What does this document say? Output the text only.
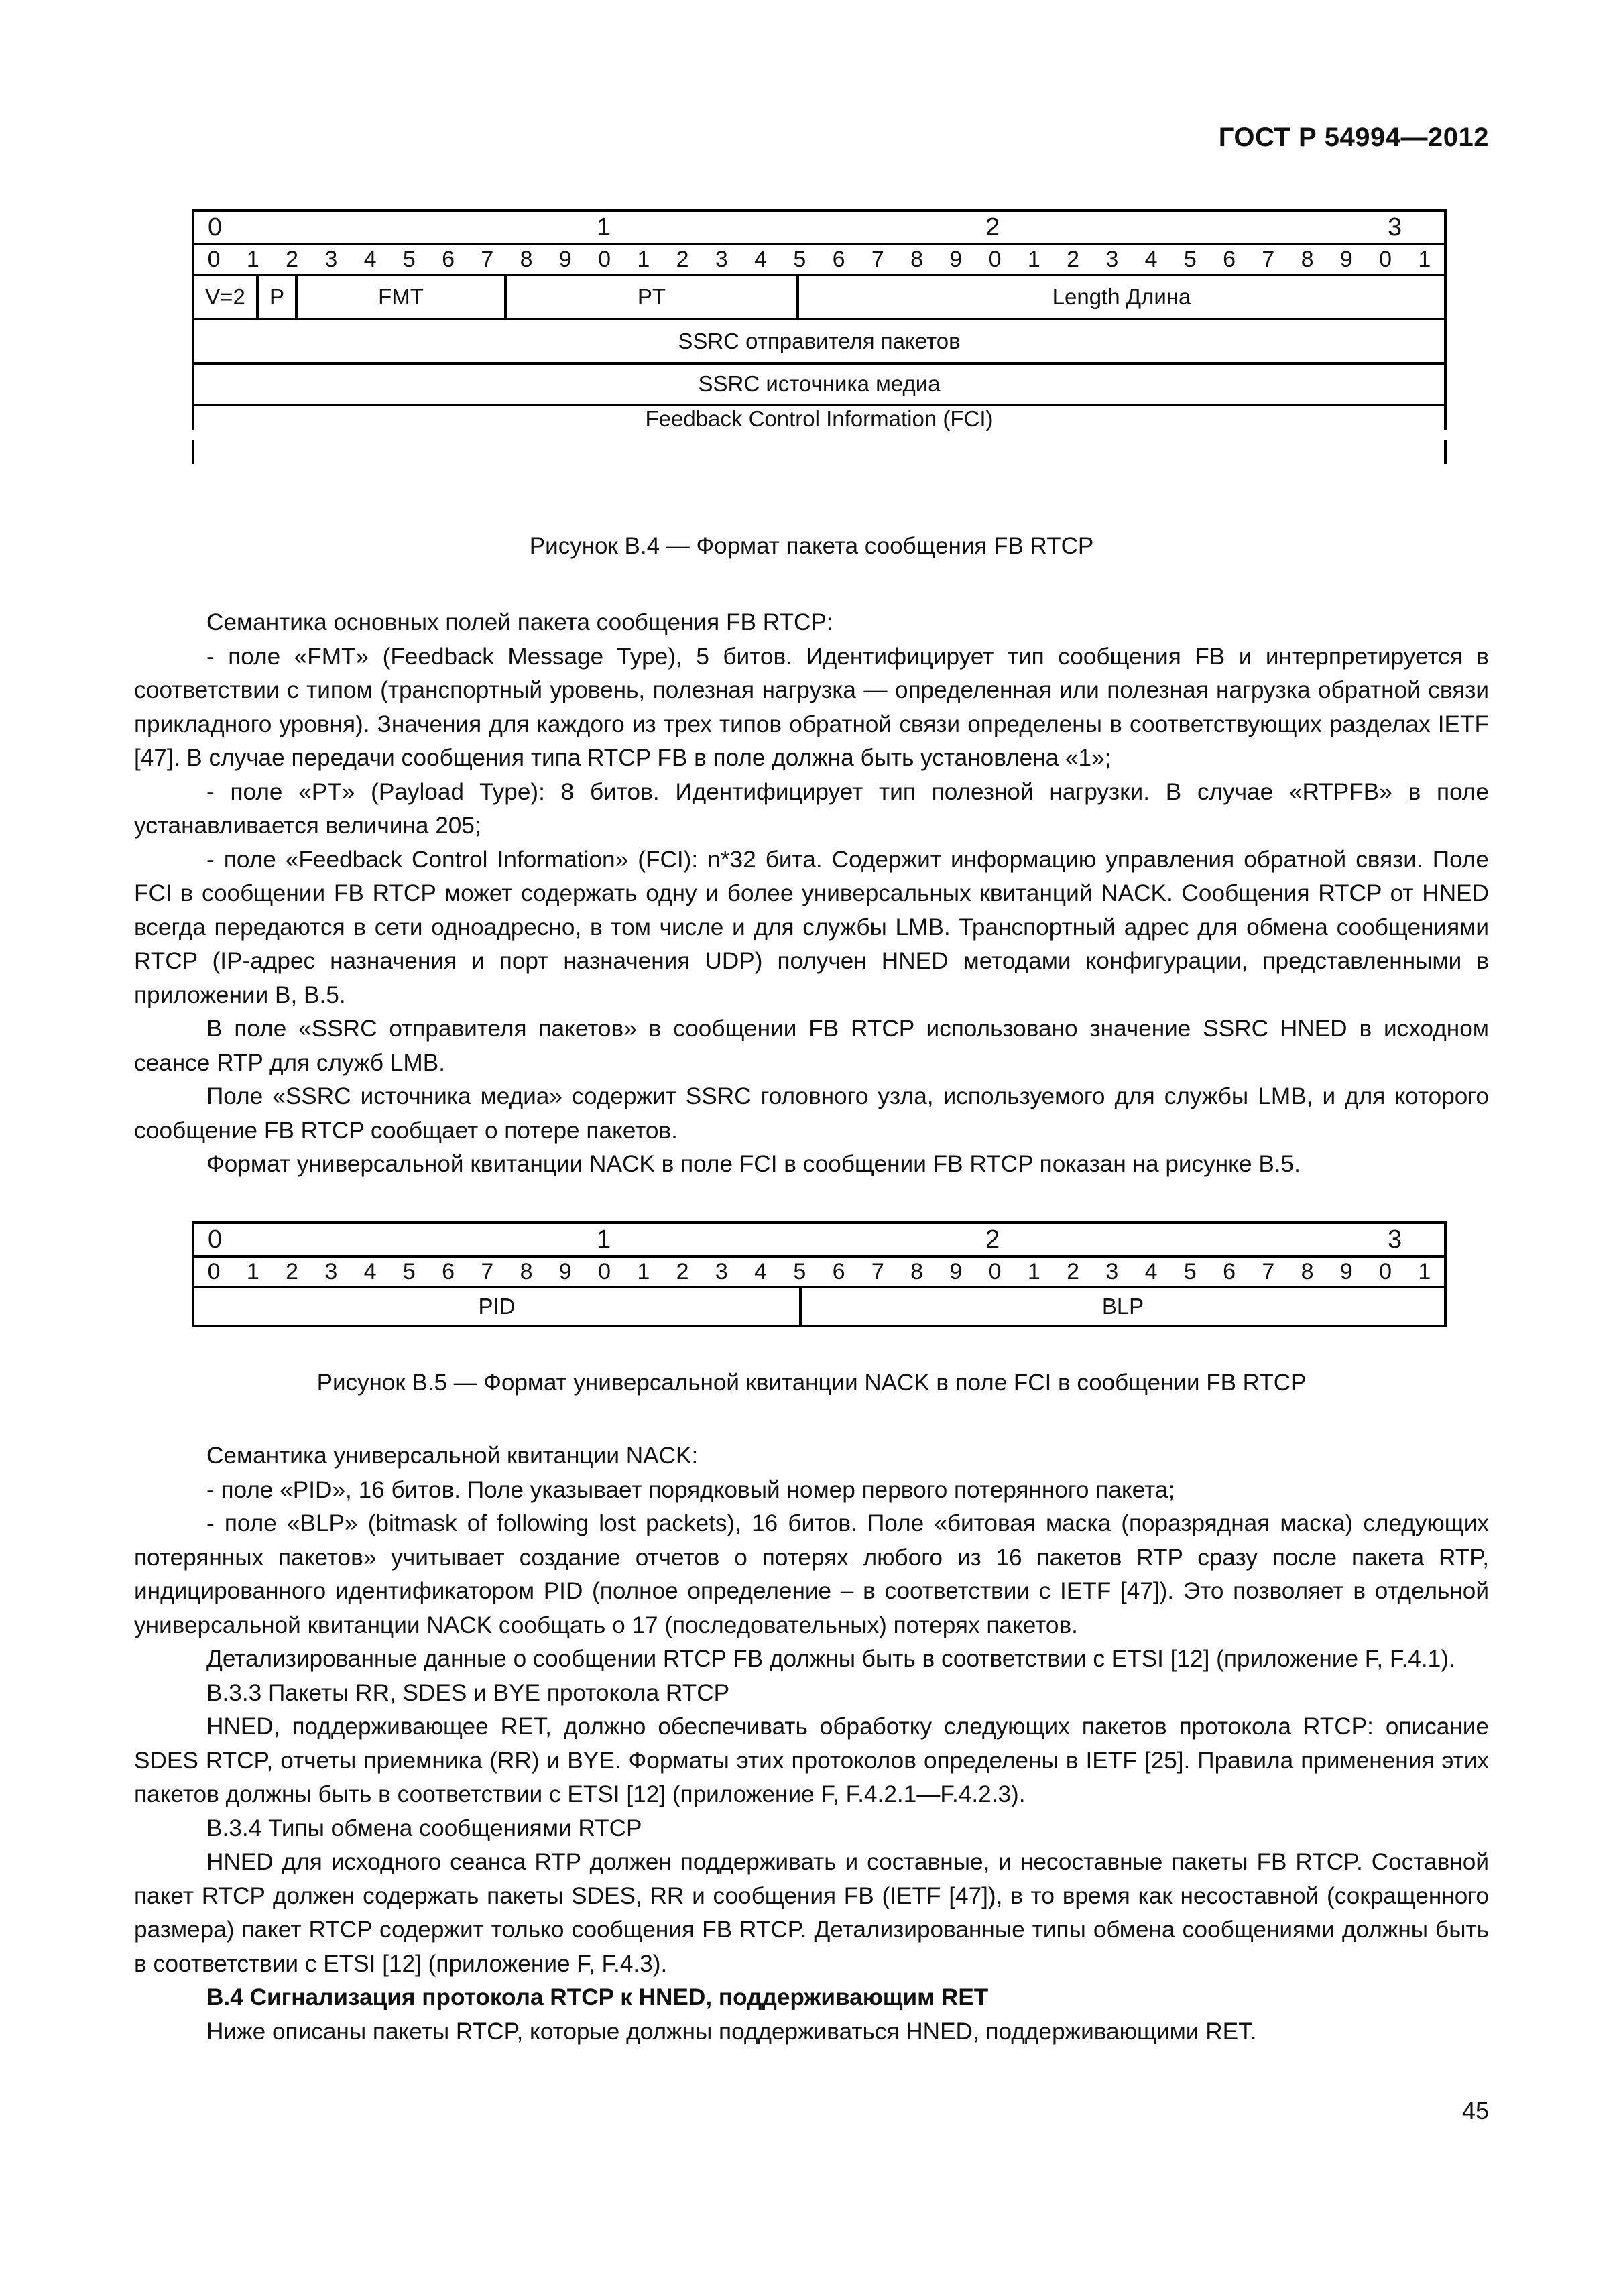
ГОСТ Р 54994—2012
0	1	2	3
0 1 2 3 4 5 6 7 8 9 0 1 2 3 4 5 6 7 8 9 0 1 2 3 4 5 6 7 8 9 0 1
V=2	P	FMT	PT	Length Длина
SSRC отправителя пакетов
SSRC источника медиа
Feedback Control Information (FCI)
Рисунок В.4 — Формат пакета сообщения FB RTCP

Семантика основных полей пакета сообщения FB RTCP:

- поле «FMT» (Feedback Message Type), 5 битов. Идентифицирует тип сообщения FB и интерпретируется в соответствии с типом (транспортный уровень, полезная нагрузка — определенная или полезная нагрузка обратной связи прикладного уровня). Значения для каждого из трех типов обратной связи определены в соответствующих разделах IETF [47]. В случае передачи сообщения типа RTCP FB в поле должна быть установлена «1»;

- поле «PT» (Payload Type): 8 битов. Идентифицирует тип полезной нагрузки. В случае «RTPFB» в поле устанавливается величина 205;

- поле «Feedback Control Information» (FCI): n*32 бита. Содержит информацию управления обратной связи. Поле FCI в сообщении FB RTCP может содержать одну и более универсальных квитанций NACK. Сообщения RTCP от HNED всегда передаются в сети одноадресно, в том числе и для службы LMB. Транспортный адрес для обмена сообщениями RTCP (IP-адрес назначения и порт назначения UDP) получен HNED методами конфигурации, представленными в приложении В, В.5.

В поле «SSRC отправителя пакетов» в сообщении FB RTCP использовано значение SSRC HNED в исходном сеансе RTP для служб LMB.

Поле «SSRC источника медиа» содержит SSRC головного узла, используемого для службы LMB, и для которого сообщение FB RTCP сообщает о потере пакетов.

Формат универсальной квитанции NACK в поле FCI в сообщении FB RTCP показан на рисунке В.5.

0	1	2	3
0 1 2 3 4 5 6 7 8 9 0 1 2 3 4 5 6 7 8 9 0 1 2 3 4 5 6 7 8 9 0 1
PID	BLP
Рисунок В.5 — Формат универсальной квитанции NACK в поле FCI в сообщении FB RTCP

Семантика универсальной квитанции NACK:

- поле «PID», 16 битов. Поле указывает порядковый номер первого потерянного пакета;

- поле «BLP» (bitmask of following lost packets), 16 битов. Поле «битовая маска (поразрядная маска) следующих потерянных пакетов» учитывает создание отчетов о потерях любого из 16 пакетов RTP сразу после пакета RTP, индицированного идентификатором PID (полное определение – в соответствии с IETF [47]). Это позволяет в отдельной универсальной квитанции NACK сообщать о 17 (последовательных) потерях пакетов.

Детализированные данные о сообщении RTCP FB должны быть в соответствии с ETSI [12] (приложение F, F.4.1).

В.3.3 Пакеты RR, SDES и BYE протокола RTCP

HNED, поддерживающее RET, должно обеспечивать обработку следующих пакетов протокола RTCP: описание SDES RTCP, отчеты приемника (RR) и BYE. Форматы этих протоколов определены в IETF [25]. Правила применения этих пакетов должны быть в соответствии с ETSI [12] (приложение F, F.4.2.1—F.4.2.3).

В.3.4 Типы обмена сообщениями RTCP

HNED для исходного сеанса RTP должен поддерживать и составные, и несоставные пакеты FB RTCP. Составной пакет RTCP должен содержать пакеты SDES, RR и сообщения FB (IETF [47]), в то время как несоставной (сокращенного размера) пакет RTCP содержит только сообщения FB RTCP. Детализированные типы обмена сообщениями должны быть в соответствии с ETSI [12] (приложение F, F.4.3).

В.4 Сигнализация протокола RTCP к HNED, поддерживающим RET

Ниже описаны пакеты RTCP, которые должны поддерживаться HNED, поддерживающими RET.

45
